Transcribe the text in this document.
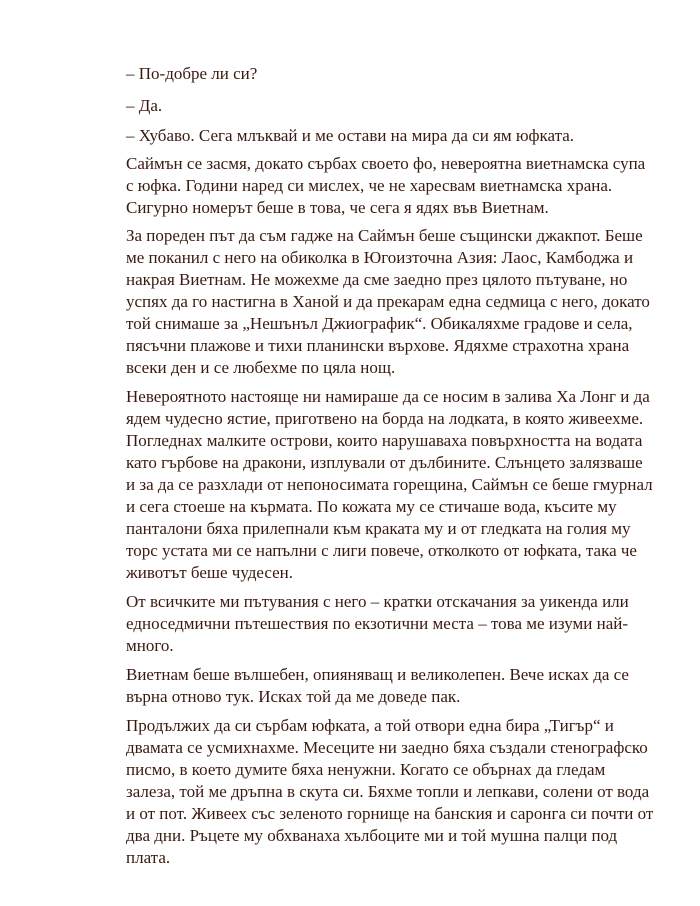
– По-добре ли си?
– Да.
– Хубаво. Сега млъквай и ме остави на мира да си ям юфката.
Саймън се засмя, докато сърбах своето фо, невероятна виетнамска супа
с юфка. Години наред си мислех, че не харесвам виетнамска храна.
Сигурно номерът беше в това, че сега я ядях във Виетнам.
За пореден път да съм гадже на Саймън беше същински джакпот. Беше
ме поканил с него на обиколка в Югоизточна Азия: Лаос, Камбоджа и
накрая Виетнам. Не можехме да сме заедно през цялото пътуване, но
успях да го настигна в Ханой и да прекарам една седмица с него, докато
той снимаше за „Нешънъл Джиографик“. Обикаляхме градове и села,
пясъчни плажове и тихи планински върхове. Ядяхме страхотна храна
всеки ден и се любехме по цяла нощ.
Невероятното настояще ни намираше да се носим в залива Ха Лонг и да
ядем чудесно ястие, приготвено на борда на лодката, в която живеехме.
Погледнах малките острови, които нарушаваха повърхността на водата
като гърбове на дракони, изплували от дълбините. Слънцето залязваше
и за да се разхлади от непоносимата горещина, Саймън се беше гмурнал
и сега стоеше на кърмата. По кожата му се стичаше вода, късите му
панталони бяха прилепнали към краката му и от гледката на голия му
торс устата ми се напълни с лиги повече, отколкото от юфката, така че
животът беше чудесен.
От всичките ми пътувания с него – кратки отскачания за уикенда или
едноседмични пътешествия по екзотични места – това ме изуми най-
много.
Виетнам беше вълшебен, опияняващ и великолепен. Вече исках да се
върна отново тук. Исках той да ме доведе пак.
Продължих да си сърбам юфката, а той отвори една бира „Тигър“ и
двамата се усмихнахме. Месеците ни заедно бяха създали стенографско
писмо, в което думите бяха ненужни. Когато се обърнах да гледам
залеза, той ме дръпна в скута си. Бяхме топли и лепкави, солени от вода
и от пот. Живеех със зеленото горнище на банския и саронга си почти от
два дни. Ръцете му обхванаха хълбоците ми и той мушна палци под
плата.
